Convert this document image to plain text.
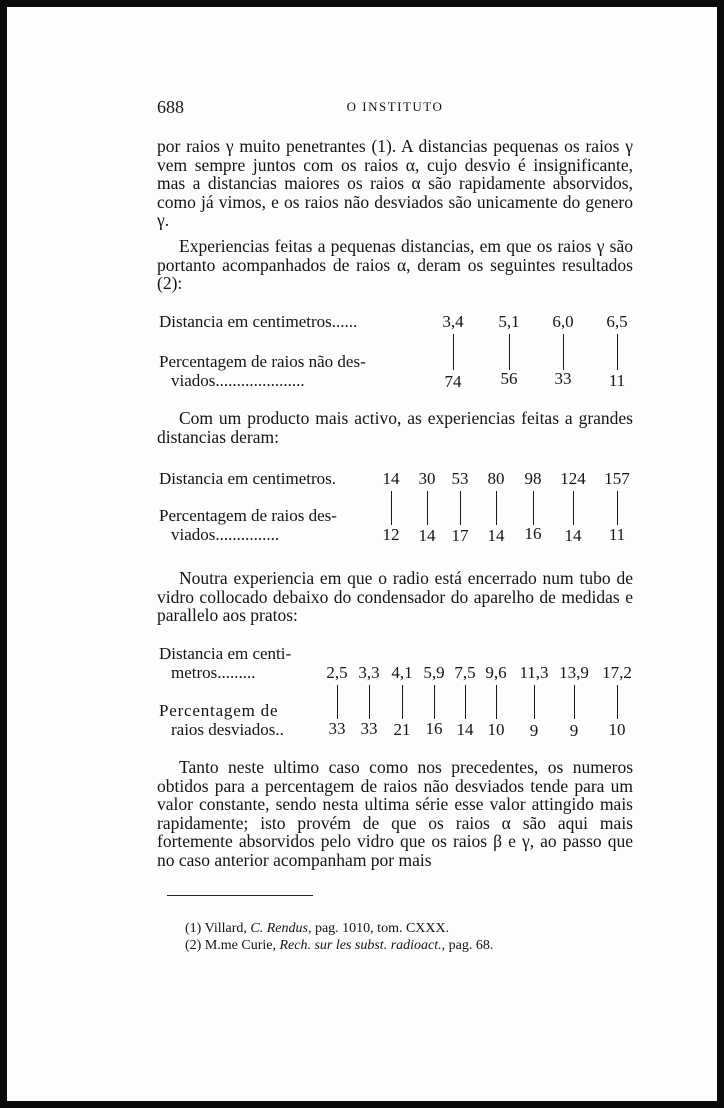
688	O INSTITUTO

por raios γ muito penetrantes (1). A distancias pequenas os raios γ vem sempre juntos com os raios α, cujo desvio é insignificante, mas a distancias maiores os raios α são rapidamente absorvidos, como já vimos, e os raios não desviados são unicamente do genero γ.

Experiencias feitas a pequenas distancias, em que os raios γ são portanto acompanhados de raios α, deram os seguintes resultados (2):

Distancia em centimetros......
Percentagem de raios não des-
viados.....................
3,4 5,1 6,0 6,5
74 56 33 11

Com um producto mais activo, as experiencias feitas a grandes distancias deram:

Distancia em centimetros.
Percentagem de raios des-
viados...............
14 30 53 80 98 124 157
12 14 17 14 16 14 11

Noutra experiencia em que o radio está encerrado num tubo de vidro collocado debaixo do condensador do aparelho de medidas e parallelo aos pratos:

Distancia em centi-
metros.........
Percentagem de
raios desviados..
2,5 3,3 4,1 5,9 7,5 9,6 11,3 13,9 17,2
33 33 21 16 14 10 9 9 10

Tanto neste ultimo caso como nos precedentes, os numeros obtidos para a percentagem de raios não desviados tende para um valor constante, sendo nesta ultima série esse valor attingido mais rapidamente; isto provém de que os raios α são aqui mais fortemente absorvidos pelo vidro que os raios β e γ, ao passo que no caso anterior acompanham por mais

(1) Villard, C. Rendus, pag. 1010, tom. CXXX.
(2) M.me Curie, Rech. sur les subst. radioact., pag. 68.
